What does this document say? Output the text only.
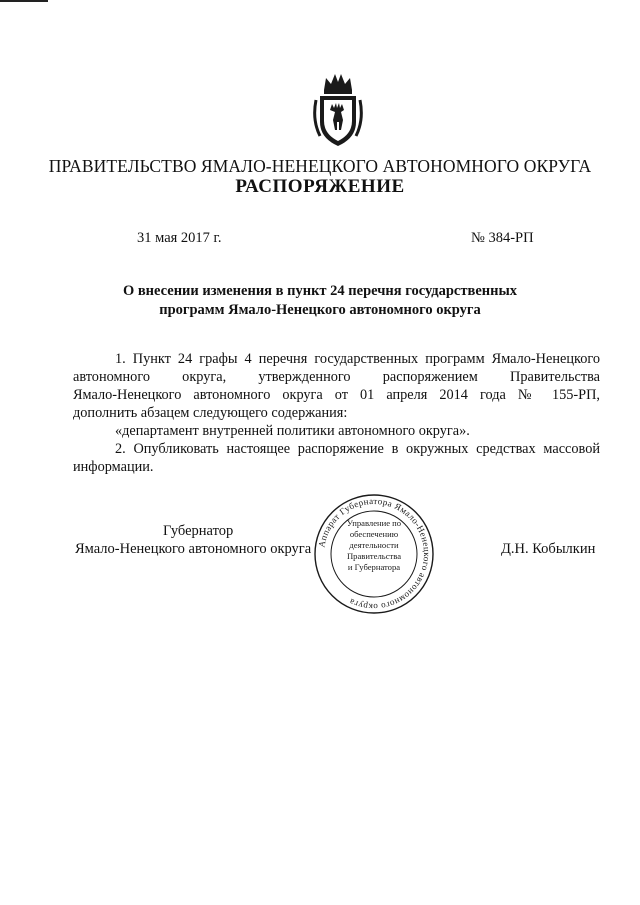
ПРАВИТЕЛЬСТВО ЯМАЛО-НЕНЕЦКОГО АВТОНОМНОГО ОКРУГА
РАСПОРЯЖЕНИЕ
31 мая 2017 г.	№ 384-РП
О внесении изменения в пункт 24 перечня государственных
программ Ямало-Ненецкого автономного округа

1. Пункт 24 графы 4 перечня государственных программ Ямало-Ненецкого

автономного округа, утвержденного распоряжением Правительства

Ямало-Ненецкого автономного округа от 01 апреля 2014 года № 155-РП,

дополнить абзацем следующего содержания:

«департамент внутренней политики автономного округа».

2. Опубликовать настоящее распоряжение в окружных средствах массовой

информации.

Губернатор
Ямало-Ненецкого автономного округа	Д.Н. Кобылкин
Аппарат Губернатора Ямало-Ненецкого автономного округа
Управление по
обеспечению
деятельности
Правительства
и Губернатора
